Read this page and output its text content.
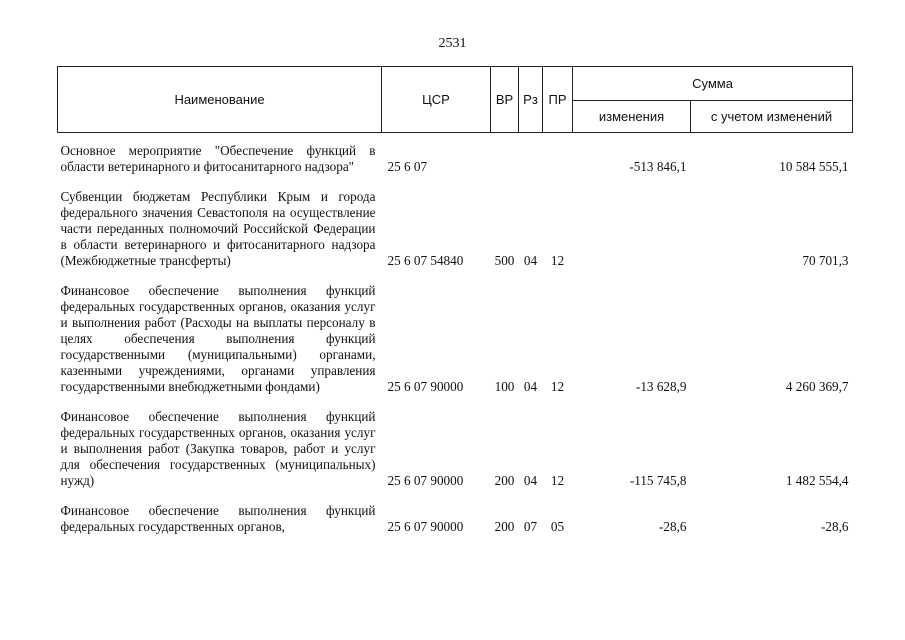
2531
Наименование	ЦСР	ВР	Рз	ПР	Сумма	
					изменения	с учетом изменений

Основное мероприятие "Обеспечение функций в области ветеринарного и фитосанитарного надзора"	25 6 07				-513 846,1	10 584 555,1

Субвенции бюджетам Республики Крым и города федерального значения Севастополя на осуществление части переданных полномочий Российской Федерации в области ветеринарного и фитосанитарного надзора (Межбюджетные трансферты)	25 6 07 54840	500	04	12		70 701,3

Финансовое обеспечение выполнения функций федеральных государственных органов, оказания услуг и выполнения работ (Расходы на выплаты персоналу в целях обеспечения выполнения функций государственными (муниципальными) органами, казенными учреждениями, органами управления государственными внебюджетными фондами)	25 6 07 90000	100	04	12	-13 628,9	4 260 369,7

Финансовое обеспечение выполнения функций федеральных государственных органов, оказания услуг и выполнения работ (Закупка товаров, работ и услуг для обеспечения государственных (муниципальных) нужд)	25 6 07 90000	200	04	12	-115 745,8	1 482 554,4

Финансовое обеспечение выполнения функций федеральных государственных органов,	25 6 07 90000	200	07	05	-28,6	-28,6
